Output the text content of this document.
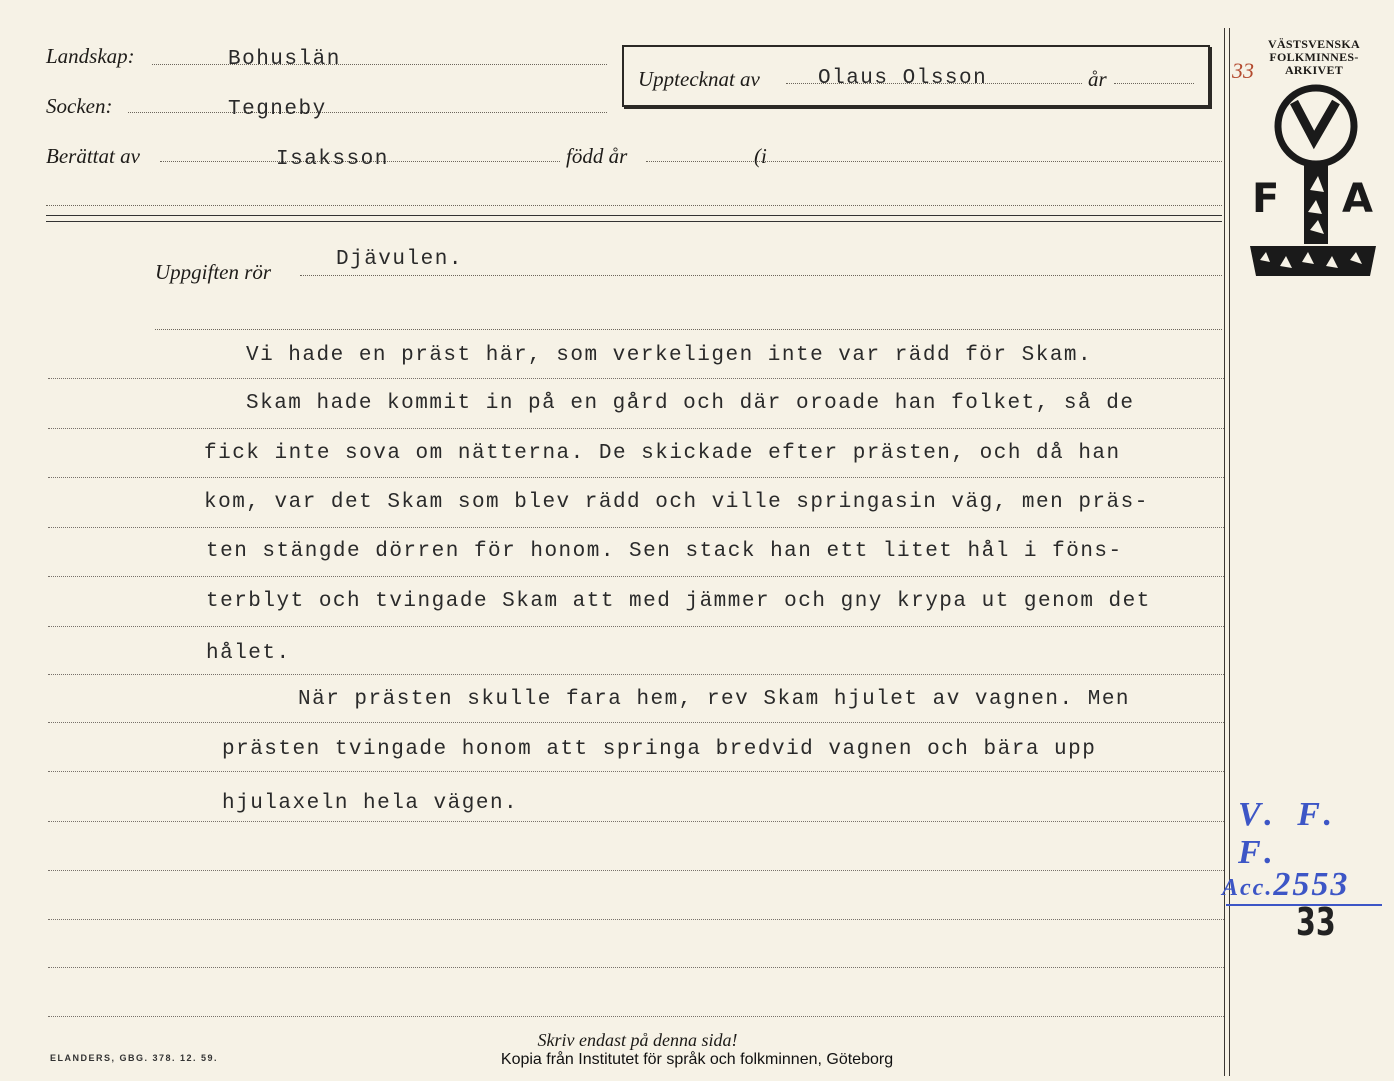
Landskap:	Bohuslän
Socken:	Tegneby
Berättat av	Isaksson	född år	(i
Upptecknat av	Olaus Olsson	år
Uppgiften rör
Djävulen.
Vi hade en präst här, som verkeligen inte var rädd för Skam.
Skam hade kommit in på en gård och där oroade han folket, så de
fick inte sova om nätterna. De skickade efter prästen, och då han
kom, var det Skam som blev rädd och ville springasin väg, men präs-
ten stängde dörren för honom. Sen stack han ett litet hål i föns-
terblyt och tvingade Skam att med jämmer och gny krypa ut genom det
hålet.
När prästen skulle fara hem, rev Skam hjulet av vagnen. Men
prästen tvingade honom att springa bredvid vagnen och bära upp
hjulaxeln hela vägen.
33
VÄSTSVENSKA
FOLKMINNES-
ARKIVET
F A
V. F. F.
Acc.2553
33
Skriv endast på denna sida!
ELANDERS, GBG. 378. 12. 59.	Kopia från Institutet för språk och folkminnen, Göteborg
